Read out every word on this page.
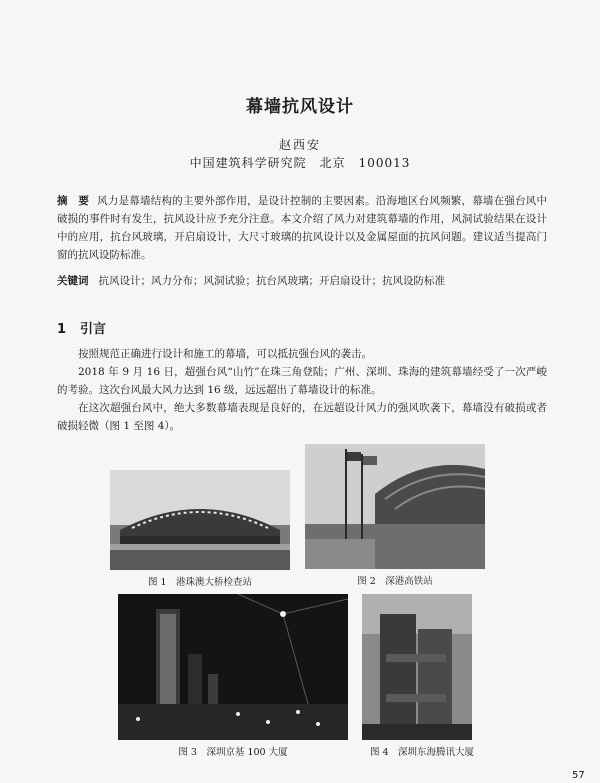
幕墙抗风设计
赵西安
中国建筑科学研究院　北京　100013
摘　要 风力是幕墙结构的主要外部作用，是设计控制的主要因素。沿海地区台风频繁，幕墙在强台风中破损的事件时有发生，抗风设计应予充分注意。本文介绍了风力对建筑幕墙的作用，风洞试验结果在设计中的应用，抗台风玻璃，开启扇设计，大尺寸玻璃的抗风设计以及金属屋面的抗风问题。建议适当提高门窗的抗风设防标准。
关键词 抗风设计；风力分布；风洞试验；抗台风玻璃；开启扇设计；抗风设防标准
1 引言

按照规范正确进行设计和施工的幕墙，可以抵抗强台风的袭击。

2018 年 9 月 16 日，超强台风“山竹”在珠三角登陆；广州、深圳、珠海的建筑幕墙经受了一次严峻的考验。这次台风最大风力达到 16 级，远远超出了幕墙设计的标准。

在这次超强台风中，绝大多数幕墙表现是良好的，在远超设计风力的强风吹袭下，幕墙没有破损或者破损轻微（图 1 至图 4）。

图 1　港珠澳大桥检查站	图 2　深港高铁站
图 3　深圳京基 100 大厦	图 4　深圳东海腾讯大厦
57
